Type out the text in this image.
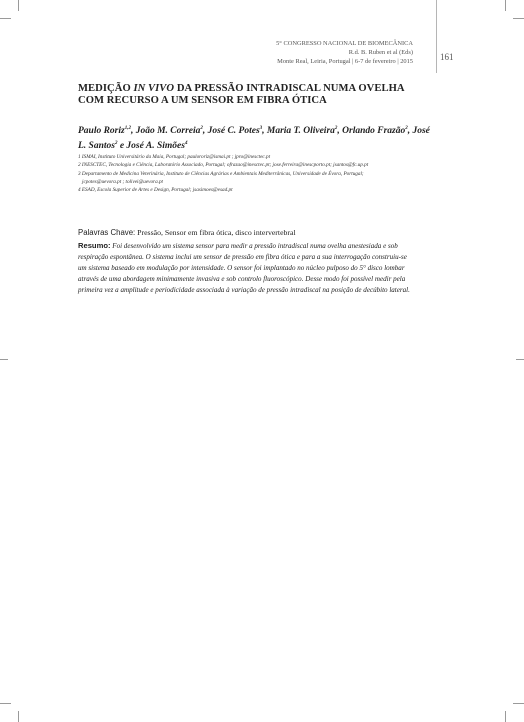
5° CONGRESSO NACIONAL DE BIOMECÂNICA
R.d. B. Ruben et al (Eds)
Monte Real, Leiria, Portugal | 6-7 de fevereiro | 2015	161
MEDIÇÃO IN VIVO DA PRESSÃO INTRADISCAL NUMA OVELHA
COM RECURSO A UM SENSOR EM FIBRA ÓTICA
Paulo Roriz$^{1,2}$, João M. Correia$^2$, José C. Potes$^3$, Maria T. Oliveira$^2$, Orlando Frazão$^2$, José
L. Santos$^2$ e José A. Simões$^4$
1 ISMAI, Instituto Universitário da Maia, Portugal; paulororiz@ismai.pt ; jpro@inesctec.pt
2 INESCTEC, Tecnologia e Ciência, Laboratório Associado, Portugal; ofrazao@inesctec.pt; jose.ferreira@inescporto.pt; jsantos@fc.up.pt
3 Departamento de Medicina Veterinária, Instituto de Ciências Agrárias e Ambientais Mediterrânicas, Universidade de Évora, Portugal;
jcpotes@uevora.pt ; tolivei@uevora.pt
4 ESAD, Escola Superior de Artes e Design, Portugal; jsasimoes@esad.pt
Palavras Chave: Pressão, Sensor em fibra ótica, disco intervertebral
Resumo: Foi desenvolvido um sistema sensor para medir a pressão intradiscal numa ovelha anestesiada e sob
respiração espontânea. O sistema inclui um sensor de pressão em fibra ótica e para a sua interrogação construiu-se
um sistema baseado em modulação por intensidade. O sensor foi implantado no núcleo pulposo do 5° disco lombar
através de uma abordagem minimamente invasiva e sob controlo fluoroscópico. Desse modo foi possível medir pela
primeira vez a amplitude e periodicidade associada à variação de pressão intradiscal na posição de decúbito lateral.
